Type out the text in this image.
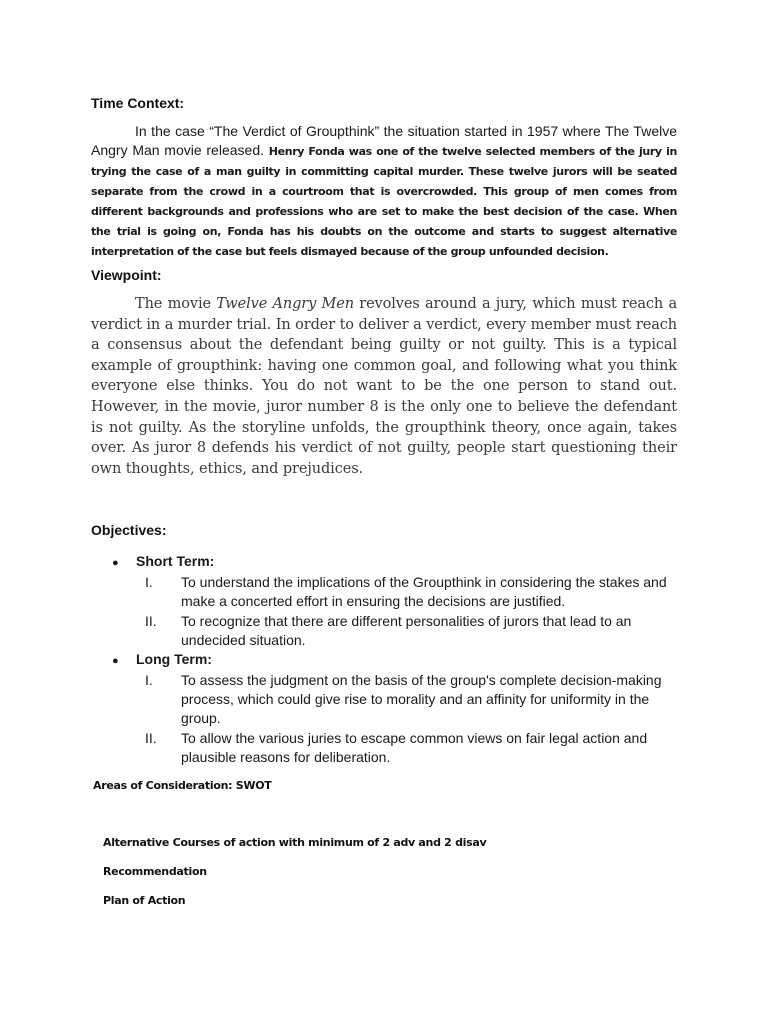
Time Context:

In the case “The Verdict of Groupthink” the situation started in 1957 where The Twelve Angry Man movie released. Henry Fonda was one of the twelve selected members of the jury in trying the case of a man guilty in committing capital murder. These twelve jurors will be seated separate from the crowd in a courtroom that is overcrowded. This group of men comes from different backgrounds and professions who are set to make the best decision of the case. When the trial is going on, Fonda has his doubts on the outcome and starts to suggest alternative interpretation of the case but feels dismayed because of the group unfounded decision.

Viewpoint:

The movie Twelve Angry Men revolves around a jury, which must reach a verdict in a murder trial. In order to deliver a verdict, every member must reach a consensus about the defendant being guilty or not guilty. This is a typical example of groupthink: having one common goal, and following what you think everyone else thinks. You do not want to be the one person to stand out. However, in the movie, juror number 8 is the only one to believe the defendant is not guilty. As the storyline unfolds, the groupthink theory, once again, takes over. As juror 8 defends his verdict of not guilty, people start questioning their own thoughts, ethics, and prejudices.

Objectives:
● Short Term:
I.	To understand the implications of the Groupthink in considering the stakes and make a concerted effort in ensuring the decisions are justified.
II.	To recognize that there are different personalities of jurors that lead to an undecided situation.
● Long Term:
I.	To assess the judgment on the basis of the group's complete decision-making process, which could give rise to morality and an affinity for uniformity in the group.
II.	To allow the various juries to escape common views on fair legal action and plausible reasons for deliberation.
Areas of Consideration: SWOT
Alternative Courses of action with minimum of 2 adv and 2 disav
Recommendation
Plan of Action
